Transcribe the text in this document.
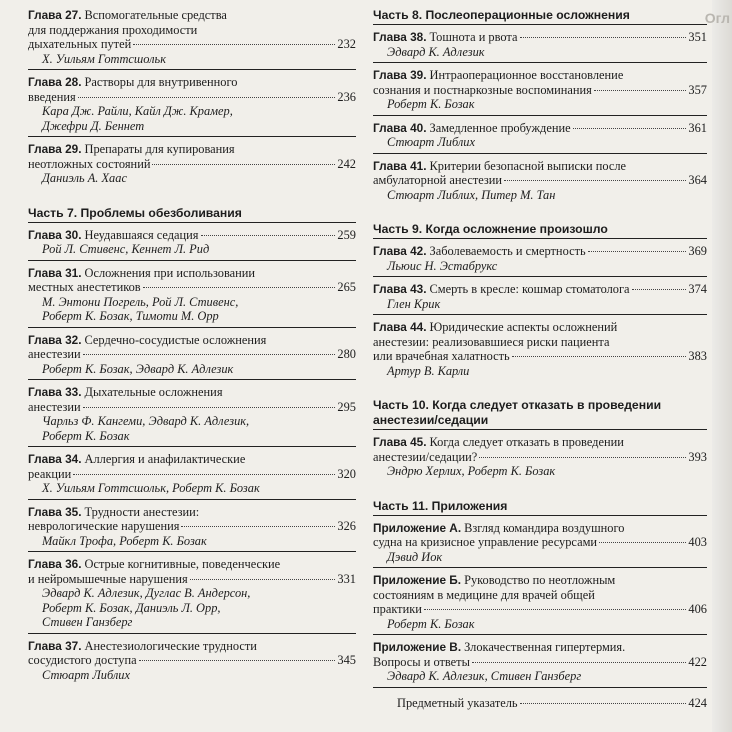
Глава 27. Вспомогательные средства
для поддержания проходимости
дыхательных путей	232
Х. Уильям Готтсшольк
Глава 28. Растворы для внутривенного
введения	236
Кара Дж. Райли, Кайл Дж. Крамер,
Джефри Д. Беннет
Глава 29. Препараты для купирования
неотложных состояний	242
Даниэль А. Хаас
Часть 7. Проблемы обезболивания
Глава 30. Неудавшаяся седация	259
Рой Л. Стивенс, Кеннет Л. Рид
Глава 31. Осложнения при использовании
местных анестетиков	265
М. Энтони Погрель, Рой Л. Стивенс,
Роберт К. Бозак, Тимоти М. Орр
Глава 32. Сердечно-сосудистые осложнения
анестезии	280
Роберт К. Бозак, Эдвард К. Адлезик
Глава 33. Дыхательные осложнения
анестезии	295
Чарльз Ф. Кангеми, Эдвард К. Адлезик,
Роберт К. Бозак
Глава 34. Аллергия и анафилактические
реакции	320
Х. Уильям Готтсшольк, Роберт К. Бозак
Глава 35. Трудности анестезии:
неврологические нарушения	326
Майкл Трофа, Роберт К. Бозак
Глава 36. Острые когнитивные, поведенческие
и нейромышечные нарушения	331
Эдвард К. Адлезик, Дуглас В. Андерсон,
Роберт К. Бозак, Даниэль Л. Орр,
Стивен Ганзберг
Глава 37. Анестезиологические трудности
сосудистого доступа	345
Стюарт Либлих
Часть 8. Послеоперационные осложнения
Глава 38. Тошнота и рвота	351
Эдвард К. Адлезик
Глава 39. Интраоперационное восстановление
сознания и постнаркозные воспоминания	357
Роберт К. Бозак
Глава 40. Замедленное пробуждение	361
Стюарт Либлих
Глава 41. Критерии безопасной выписки после
амбулаторной анестезии	364
Стюарт Либлих, Питер М. Тан
Часть 9. Когда осложнение произошло
Глава 42. Заболеваемость и смертность	369
Льюис Н. Эстабрукс
Глава 43. Смерть в кресле: кошмар стоматолога	374
Глен Крик
Глава 44. Юридические аспекты осложнений
анестезии: реализовавшиеся риски пациента
или врачебная халатность	383
Артур В. Карли
Часть 10. Когда следует отказать в проведении
анестезии/седации
Глава 45. Когда следует отказать в проведении
анестезии/седации?	393
Эндрю Херлих, Роберт К. Бозак
Часть 11. Приложения
Приложение А. Взгляд командира воздушного
судна на кризисное управление ресурсами	403
Дэвид Иок
Приложение Б. Руководство по неотложным
состояниям в медицине для врачей общей
практики	406
Роберт К. Бозак
Приложение В. Злокачественная гипертермия.
Вопросы и ответы	422
Эдвард К. Адлезик, Стивен Ганзберг
Предметный указатель	424
Огл
